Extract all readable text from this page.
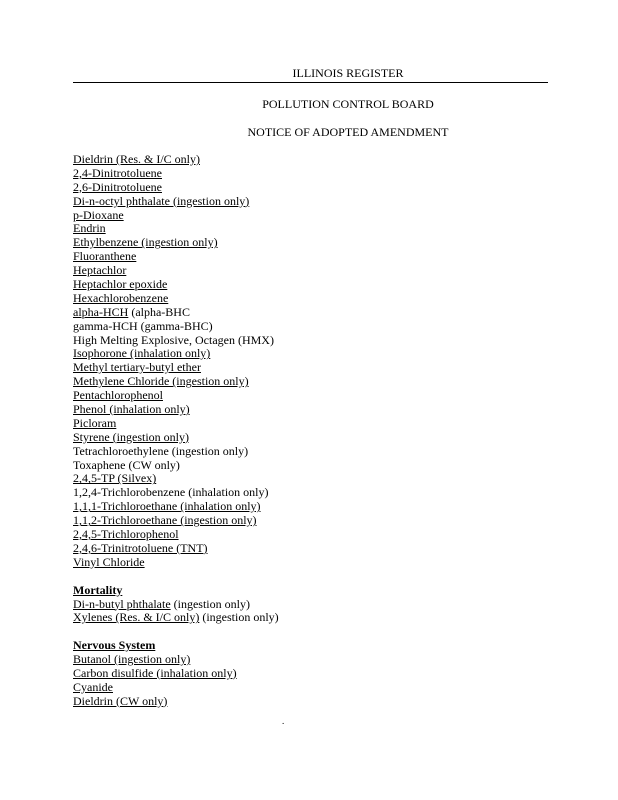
ILLINOIS REGISTER
POLLUTION CONTROL BOARD
NOTICE OF ADOPTED AMENDMENT
Dieldrin (Res. & I/C only)
2,4-Dinitrotoluene
2,6-Dinitrotoluene
Di-n-octyl phthalate (ingestion only)
p-Dioxane
Endrin
Ethylbenzene (ingestion only)
Fluoranthene
Heptachlor
Heptachlor epoxide
Hexachlorobenzene
alpha-HCH (alpha-BHC
gamma-HCH (gamma-BHC)
High Melting Explosive, Octagen (HMX)
Isophorone (inhalation only)
Methyl tertiary-butyl ether
Methylene Chloride (ingestion only)
Pentachlorophenol
Phenol (inhalation only)
Picloram
Styrene (ingestion only)
Tetrachloroethylene (ingestion only)
Toxaphene (CW only)
2,4,5-TP (Silvex)
1,2,4-Trichlorobenzene (inhalation only)
1,1,1-Trichloroethane (inhalation only)
1,1,2-Trichloroethane (ingestion only)
2,4,5-Trichlorophenol
2,4,6-Trinitrotoluene (TNT)
Vinyl Chloride
Mortality
Di-n-butyl phthalate (ingestion only)
Xylenes (Res. & I/C only) (ingestion only)
Nervous System
Butanol (ingestion only)
Carbon disulfide (inhalation only)
Cyanide
Dieldrin (CW only)
.
